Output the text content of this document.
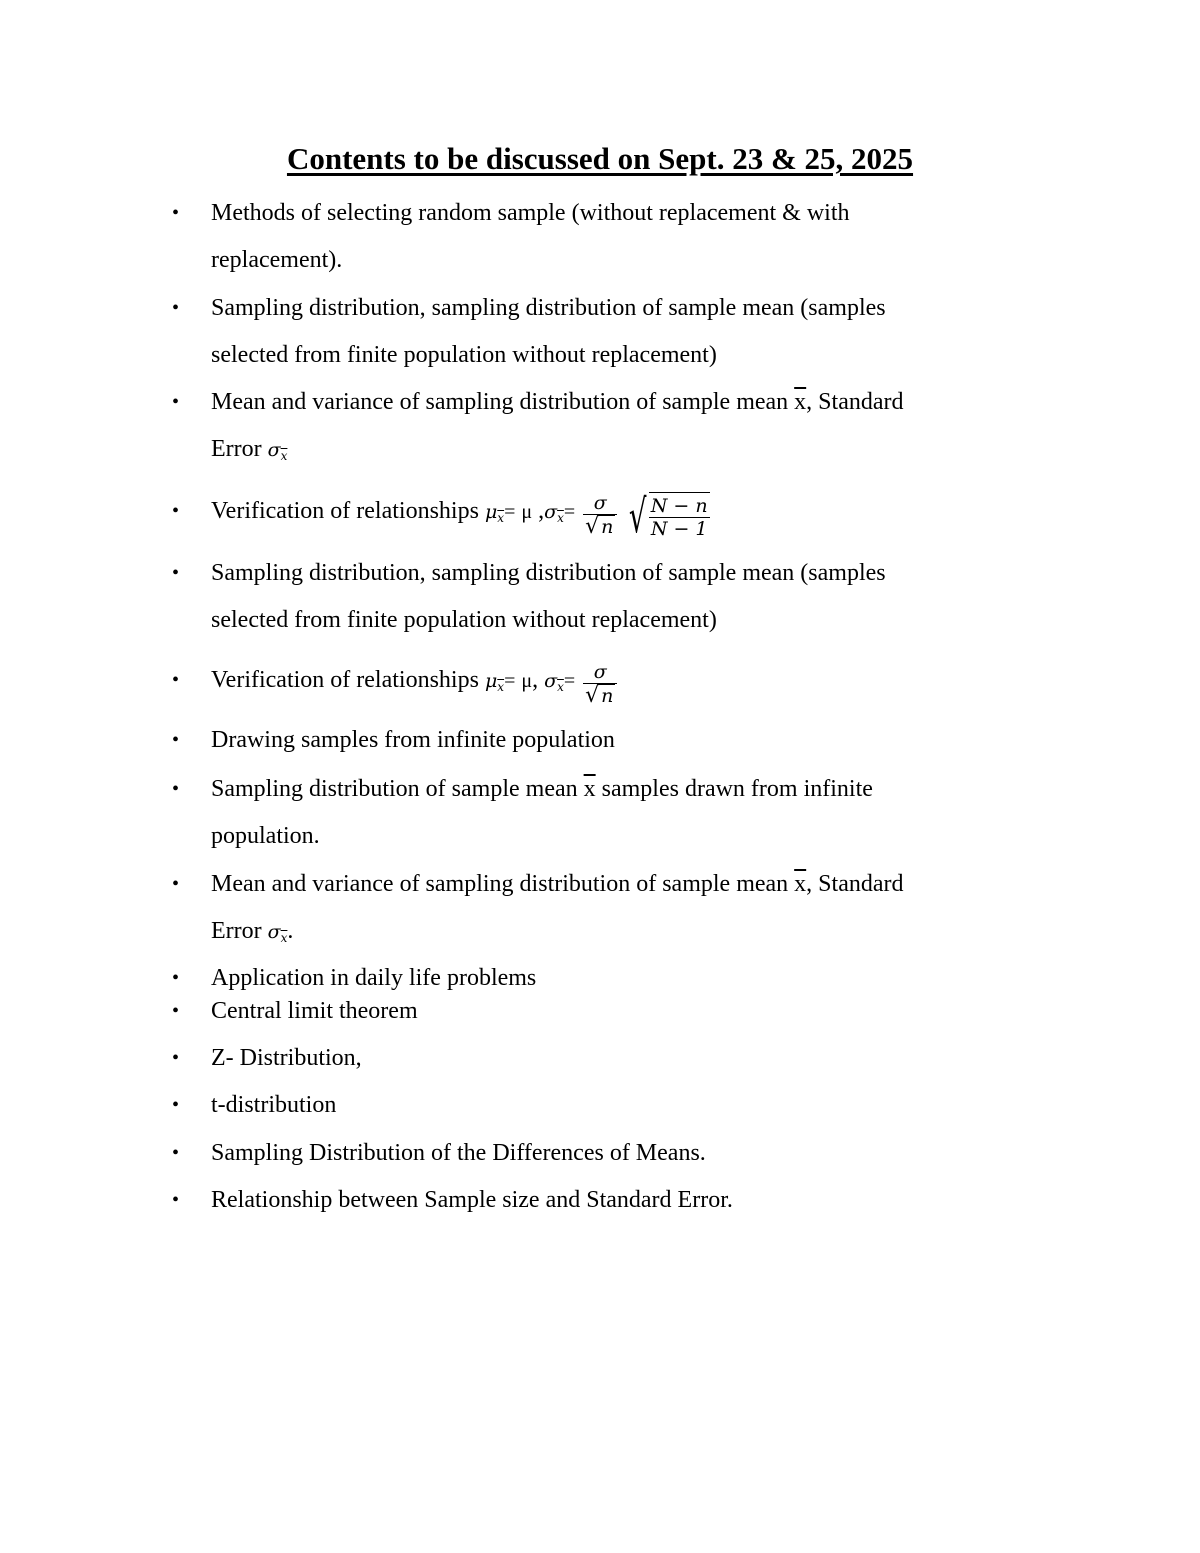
Contents to be discussed on Sept. 23 & 25, 2025
• Methods of selecting random sample (without replacement & with
replacement).
• Sampling distribution, sampling distribution of sample mean (samples
selected from finite population without replacement)
• Mean and variance of sampling distribution of sample mean $\overline{x}$, Standard
Error $\sigma_{\overline{x}}$
• Verification of relationships $\mu_{\overline{x}}= \mu$ $,\sigma_{\overline{x}}= \frac{\sigma}{√ n}$ √ $\frac{N - n}{N - 1}$
• Sampling distribution, sampling distribution of sample mean (samples
selected from finite population without replacement)
• Verification of relationships $\mu_{\overline{x}}= \mu$, $\sigma_{\overline{x}}= \frac{\sigma}{√ n}$
• Drawing samples from infinite population
• Sampling distribution of sample mean $\overline{x}$ samples drawn from infinite
population.
• Mean and variance of sampling distribution of sample mean $\overline{x}$, Standard
Error $\sigma_{\overline{x}}$.
• Application in daily life problems
• Central limit theorem
• Z- Distribution,
• t-distribution
• Sampling Distribution of the Differences of Means.
• Relationship between Sample size and Standard Error.
